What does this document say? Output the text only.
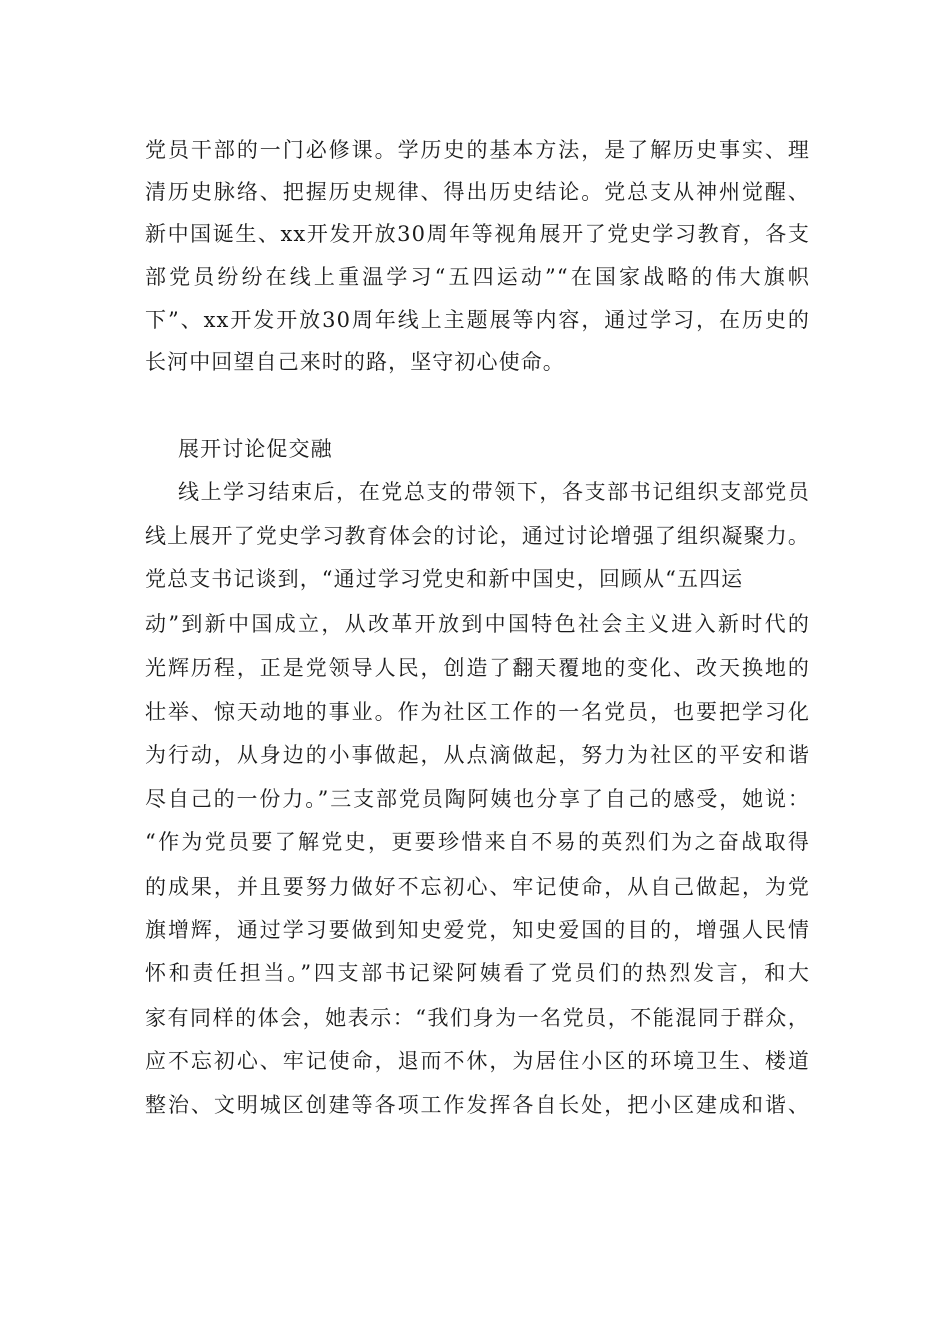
党员干部的一门必修课。学历史的基本方法，是了解历史事实、理
清历史脉络、把握历史规律、得出历史结论。党总支从神州觉醒、
新中国诞生、xx开发开放30周年等视角展开了党史学习教育，各支
部党员纷纷在线上重温学习“五四运动”“在国家战略的伟大旗帜
下”、xx开发开放30周年线上主题展等内容，通过学习，在历史的
长河中回望自己来时的路，坚守初心使命。
展开讨论促交融
线上学习结束后，在党总支的带领下，各支部书记组织支部党员
线上展开了党史学习教育体会的讨论，通过讨论增强了组织凝聚力。
党总支书记谈到，“通过学习党史和新中国史，回顾从“五四运
动”到新中国成立，从改革开放到中国特色社会主义进入新时代的
光辉历程，正是党领导人民，创造了翻天覆地的变化、改天换地的
壮举、惊天动地的事业。作为社区工作的一名党员，也要把学习化
为行动，从身边的小事做起，从点滴做起，努力为社区的平安和谐
尽自己的一份力。”三支部党员陶阿姨也分享了自己的感受，她说：
“作为党员要了解党史，更要珍惜来自不易的英烈们为之奋战取得
的成果，并且要努力做好不忘初心、牢记使命，从自己做起，为党
旗增辉，通过学习要做到知史爱党，知史爱国的目的，增强人民情
怀和责任担当。”四支部书记梁阿姨看了党员们的热烈发言，和大
家有同样的体会，她表示：“我们身为一名党员，不能混同于群众，
应不忘初心、牢记使命，退而不休，为居住小区的环境卫生、楼道
整治、文明城区创建等各项工作发挥各自长处，把小区建成和谐、
